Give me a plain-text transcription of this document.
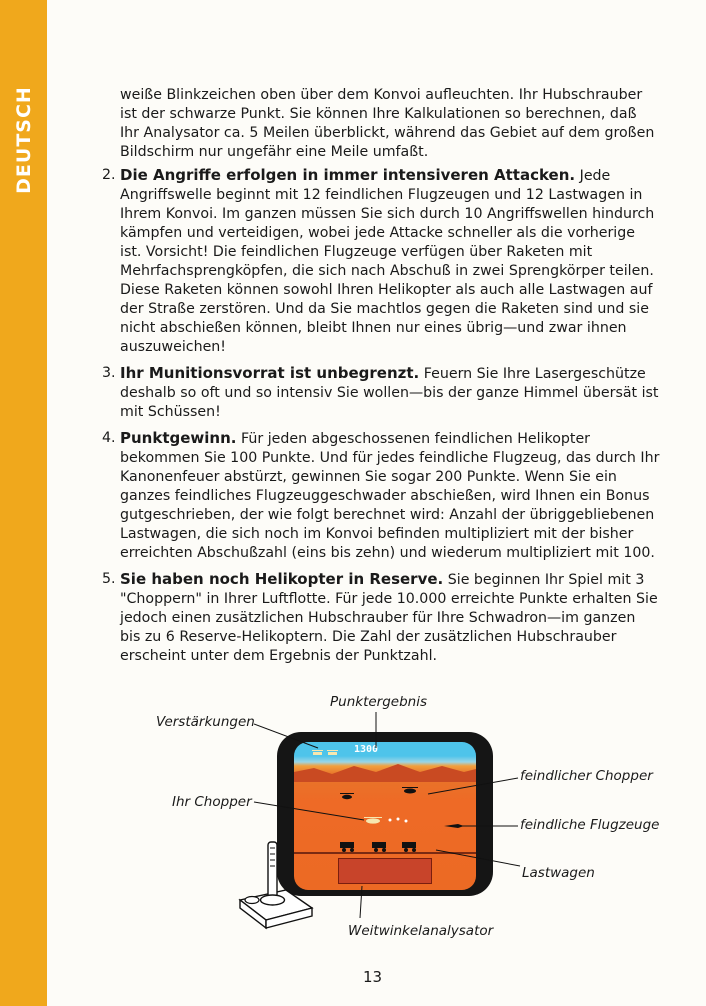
DEUTSCH	weiße Blinkzeichen oben über dem Konvoi aufleuchten. Ihr Hubschrauber ist der schwarze Punkt. Sie können Ihre Kalkulationen so berechnen, daß Ihr Analysator ca. 5 Meilen überblickt, während das Gebiet auf dem großen Bildschirm nur ungefähr eine Meile umfaßt.

2. Die Angriffe erfolgen in immer intensiveren Attacken. Jede Angriffswelle beginnt mit 12 feindlichen Flugzeugen und 12 Lastwagen in Ihrem Konvoi. Im ganzen müssen Sie sich durch 10 Angriffswellen hindurch kämpfen und verteidigen, wobei jede Attacke schneller als die vorherige ist. Vorsicht! Die feindlichen Flugzeuge verfügen über Raketen mit Mehrfachsprengköpfen, die sich nach Abschuß in zwei Sprengkörper teilen. Diese Raketen können sowohl Ihren Helikopter als auch alle Lastwagen auf der Straße zerstören. Und da Sie machtlos gegen die Raketen sind und sie nicht abschießen können, bleibt Ihnen nur eines übrig—und zwar ihnen auszuweichen!
3. Ihr Munitionsvorrat ist unbegrenzt. Feuern Sie Ihre Lasergeschütze deshalb so oft und so intensiv Sie wollen—bis der ganze Himmel übersät ist mit Schüssen!
4. Punktgewinn. Für jeden abgeschossenen feindlichen Helikopter bekommen Sie 100 Punkte. Und für jedes feindliche Flugzeug, das durch Ihr Kanonenfeuer abstürzt, gewinnen Sie sogar 200 Punkte. Wenn Sie ein ganzes feindliches Flugzeuggeschwader abschießen, wird Ihnen ein Bonus gutgeschrieben, der wie folgt berechnet wird: Anzahl der übriggebliebenen Lastwagen, die sich noch im Konvoi befinden multipliziert mit der bisher erreichten Abschußzahl (eins bis zehn) und wiederum multipliziert mit 100.
5. Sie haben noch Helikopter in Reserve. Sie beginnen Ihr Spiel mit 3 "Choppern" in Ihrer Luftflotte. Für jede 10.000 erreichte Punkte erhalten Sie jedoch einen zusätzlichen Hubschrauber für Ihre Schwadron—im ganzen bis zu 6 Reserve-Helikoptern. Die Zahl der zusätzlichen Hubschrauber erscheint unter dem Ergebnis der Punktzahl.
1300
Punktergebnis
Verstärkungen
feindlicher Chopper
Ihr Chopper
feindliche Flugzeuge
Lastwagen
Weitwinkelanalysator
13
